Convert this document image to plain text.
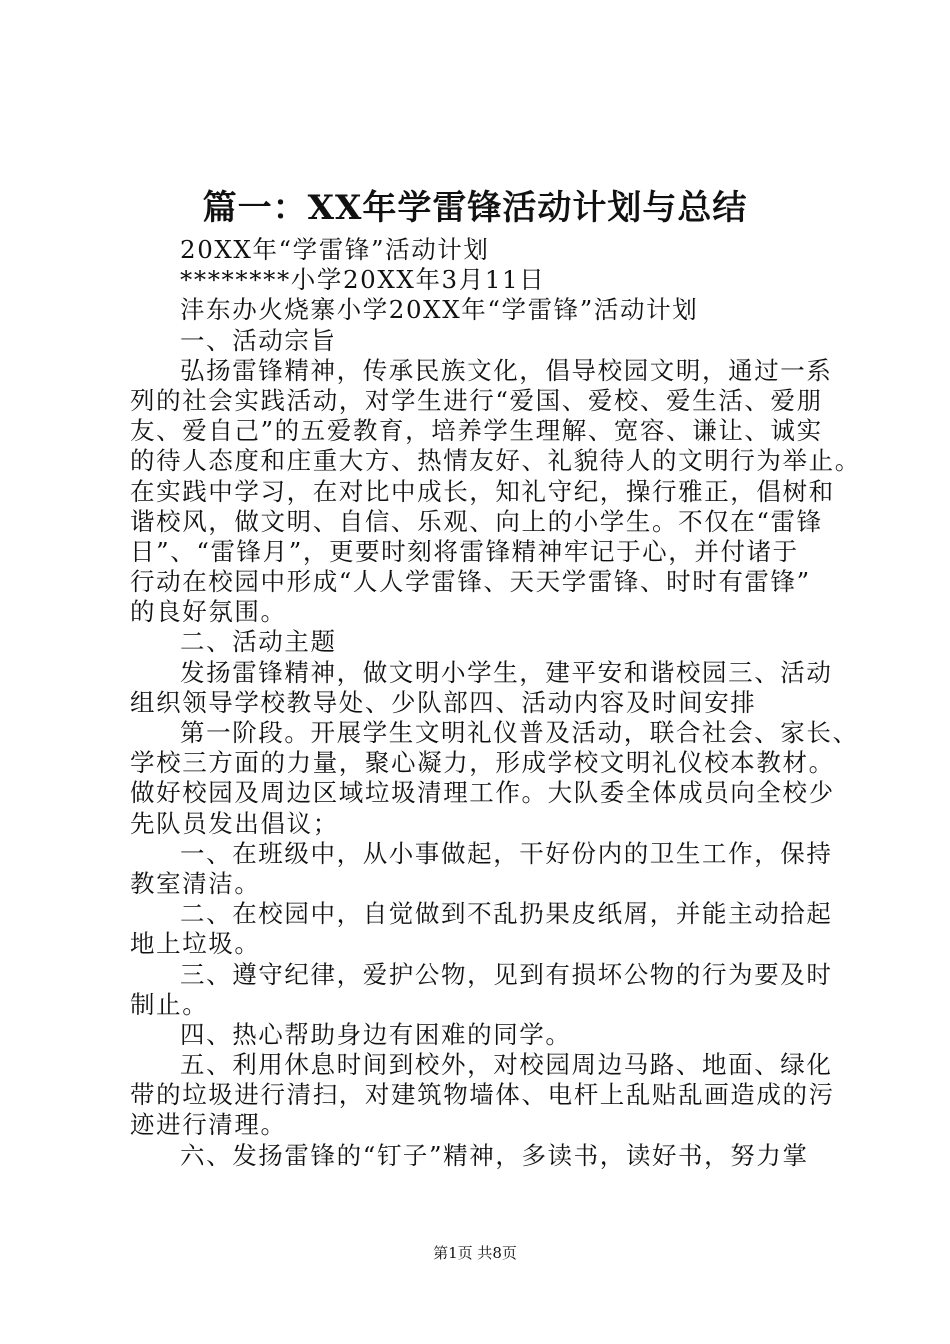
篇一：XX年学雷锋活动计划与总结

20XX年“学雷锋”活动计划

********小学20XX年3月11日

沣东办火烧寨小学20XX年“学雷锋”活动计划

一、活动宗旨

弘扬雷锋精神，传承民族文化，倡导校园文明，通过一系

列的社会实践活动，对学生进行“爱国、爱校、爱生活、爱朋

友、爱自己”的五爱教育，培养学生理解、宽容、谦让、诚实

的待人态度和庄重大方、热情友好、礼貌待人的文明行为举止。

在实践中学习，在对比中成长，知礼守纪，操行雅正，倡树和

谐校风，做文明、自信、乐观、向上的小学生。不仅在“雷锋

日”、“雷锋月”，更要时刻将雷锋精神牢记于心，并付诸于

行动在校园中形成“人人学雷锋、天天学雷锋、时时有雷锋”

的良好氛围。

二、活动主题

发扬雷锋精神，做文明小学生，建平安和谐校园三、活动

组织领导学校教导处、少队部四、活动内容及时间安排

第一阶段。开展学生文明礼仪普及活动，联合社会、家长、

学校三方面的力量，聚心凝力，形成学校文明礼仪校本教材。

做好校园及周边区域垃圾清理工作。大队委全体成员向全校少

先队员发出倡议；

一、在班级中，从小事做起，干好份内的卫生工作，保持

教室清洁。

二、在校园中，自觉做到不乱扔果皮纸屑，并能主动拾起

地上垃圾。

三、遵守纪律，爱护公物，见到有损坏公物的行为要及时

制止。

四、热心帮助身边有困难的同学。

五、利用休息时间到校外，对校园周边马路、地面、绿化

带的垃圾进行清扫，对建筑物墙体、电杆上乱贴乱画造成的污

迹进行清理。

六、发扬雷锋的“钉子”精神，多读书，读好书，努力掌

第1页 共8页
